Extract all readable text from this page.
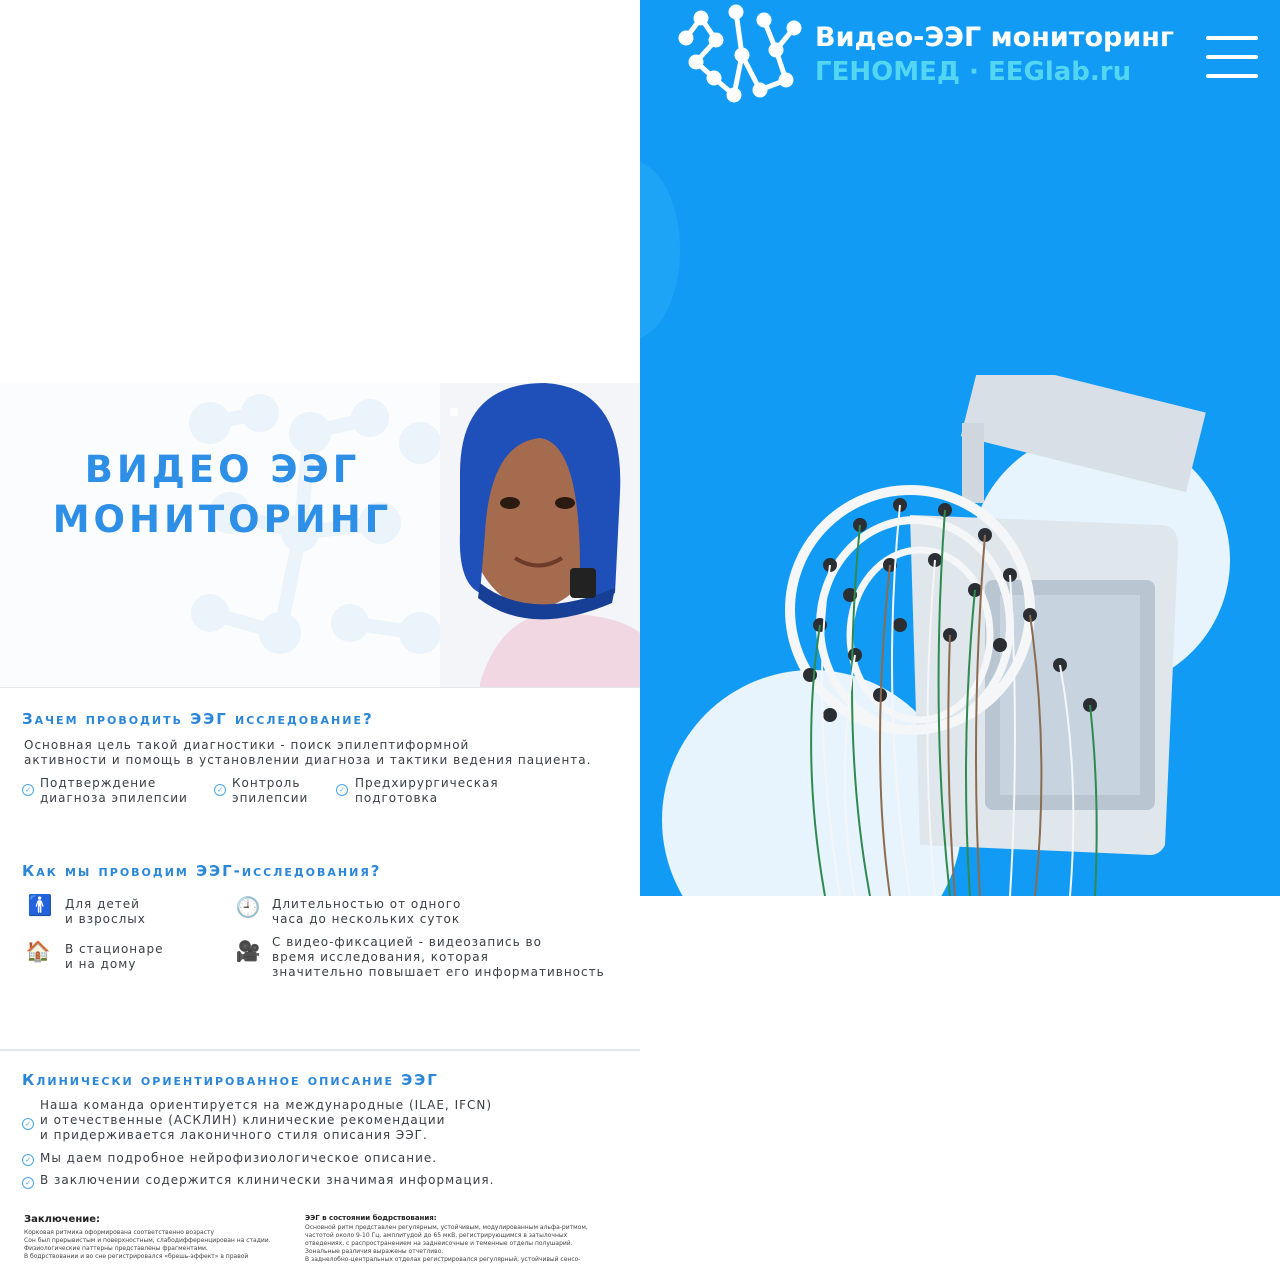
ВИДЕО ЭЭГ
МОНИТОРИНГ
Зачем проводить ЭЭГ исследование?
Основная цель такой диагностики - поиск эпилептиформной
активности и помощь в установлении диагноза и тактики ведения пациента.
✓ Подтверждение
диагноза эпилепсии
✓ Контроль
эпилепсии
✓ Предхирургическая
подготовка
Как мы проводим ЭЭГ-исследования?
🚹 Для детей
и взрослых	🕘 Длительностью от одного
часа до нескольких суток
🏠 В стационаре
и на дому
🎥 С видео-фиксацией - видеозапись во
время исследования, которая
значительно повышает его информативность
Клинически ориентированное описание ЭЭГ
✓
Наша команда ориентируется на международные (ILAE, IFCN)
и отечественные (АСКЛИН) клинические рекомендации
и придерживается лаконичного стиля описания ЭЭГ.
✓ Мы даем подробное нейрофизиологическое описание.
✓ В заключении содержится клинически значимая информация.
Заключение:
Корковая ритмика оформирована соответственно возрасту
Сон был прерывистым и поверхностным, слабодифференцирован на стадии.
Физиологические паттерны представлены фрагментами.
В бодрствовании и во сне регистрировался «брешь-эффект» в правой
ЭЭГ в состоянии бодрствования:
Основной ритм представлен регулярным, устойчивым, модулированным альфа-ритмом,
частотой около 9-10 Гц, амплитудой до 65 мкВ, регистрирующимся в затылочных
отведениях, с распространением на заднеисочные и теменные отделы полушарий.
Зональные различия выражены отчетливо.
В заднелобно-центральных отделах регистрировался регулярный, устойчивый сенсо-
Видео-ЭЭГ мониторинг
ГЕНОМЕД · EEGlab.ru
